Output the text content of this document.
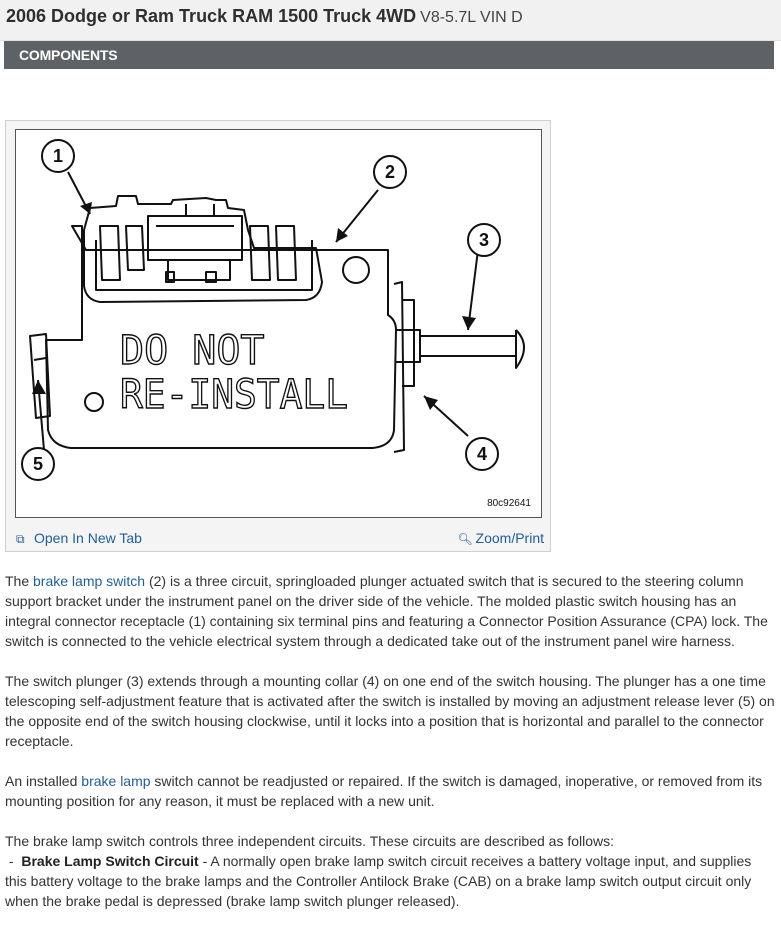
2006 Dodge or Ram Truck RAM 1500 Truck 4WD V8-5.7L VIN D
COMPONENTS
1
2
3
4
5
DO NOT
RE-INSTALL
80c92641
⧉ Open In New Tab	🔍︎ Zoom/Print

The brake lamp switch (2) is a three circuit, springloaded plunger actuated switch that is secured to the steering column support bracket under the instrument panel on the driver side of the vehicle. The molded plastic switch housing has an integral connector receptacle (1) containing six terminal pins and featuring a Connector Position Assurance (CPA) lock. The switch is connected to the vehicle electrical system through a dedicated take out of the instrument panel wire harness.

The switch plunger (3) extends through a mounting collar (4) on one end of the switch housing. The plunger has a one time telescoping self-adjustment feature that is activated after the switch is installed by moving an adjustment release lever (5) on the opposite end of the switch housing clockwise, until it locks into a position that is horizontal and parallel to the connector receptacle.

An installed brake lamp switch cannot be readjusted or repaired. If the switch is damaged, inoperative, or removed from its mounting position for any reason, it must be replaced with a new unit.

The brake lamp switch controls three independent circuits. These circuits are described as follows:

-  Brake Lamp Switch Circuit - A normally open brake lamp switch circuit receives a battery voltage input, and supplies this battery voltage to the brake lamps and the Controller Antilock Brake (CAB) on a brake lamp switch output circuit only when the brake pedal is depressed (brake lamp switch plunger released).
